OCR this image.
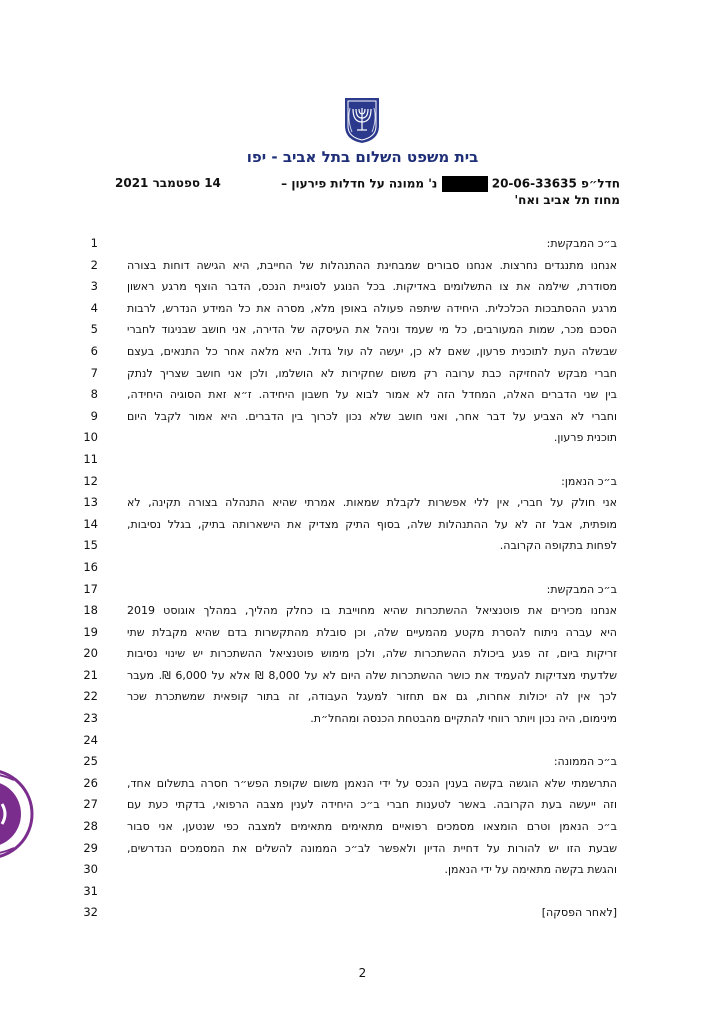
בית משפט השלום בתל אביב - יפו
חדל״פ 20-06-33635  נ' ממונה על חדלות פירעון –
מחוז תל אביב ואח'
14 ספטמבר 2021
1	ב״כ המבקשת:
2	אנחנו מתנגדים נחרצות. אנחנו סבורים שמבחינת ההתנהלות של החייבת, היא הגישה דוחות בצורה
3	מסודרת, שילמה את צו התשלומים באדיקות. בכל הנוגע לסוגיית הנכס, הדבר הוצף מרגע ראשון
4	מרגע ההסתבכות הכלכלית. היחידה שיתפה פעולה באופן מלא, מסרה את כל המידע הנדרש, לרבות
5	הסכם מכר, שמות המעורבים, כל מי שעמד וניהל את העיסקה של הדירה, אני חושב שבניגוד לחברי
6	שבשלה העת לתוכנית פרעון, שאם לא כן, יעשה לה עול גדול. היא מלאה אחר כל התנאים, בעצם
7	חברי מבקש להחזיקה כבת ערובה רק משום שחקירות לא הושלמו, ולכן אני חושב שצריך לנתק
8	בין שני הדברים האלה, המחדל הזה לא אמור לבוא על חשבון היחידה. ז״א זאת הסוגיה היחידה,
9	וחברי לא הצביע על דבר אחר, ואני חושב שלא נכון לכרוך בין הדברים. היא אמור לקבל היום
10	תוכנית פרעון.
11
12	ב״כ הנאמן:
13	אני חולק על חברי, אין ללי אפשרות לקבלת שמאות. אמרתי שהיא התנהלה בצורה תקינה, לא
14	מופתית, אבל זה לא על ההתנהלות שלה, בסוף התיק מצדיק את הישארותה בתיק, בגלל נסיבות,
15	לפחות בתקופה הקרובה.
16
17	ב״כ המבקשת:
18	אנחנו מכירים את פוטנציאל ההשתכרות שהיא מחוייבת בו כחלק מהליך, במהלך אוגוסט 2019
19	היא עברה ניתוח להסרת מקטע מהמעיים שלה, וכן סובלת מהתקשרות בדם שהיא מקבלת שתי
20	זריקות ביום, זה פגע ביכולת ההשתכרות שלה, ולכן מימוש פוטנציאל ההשתכרות יש שינוי נסיבות
21	שלדעתי מצדיקות להעמיד את כושר ההשתכרות שלה היום לא על 8,000 ₪ אלא על 6,000 ₪. מעבר
22	לכך אין לה יכולות אחרות, גם אם תחזור למעגל העבודה, זה בתור קופאית שמשתכרת שכר
23	מינימום, היה נכון ויותר רווחי להתקיים מהבטחת הכנסה ומהחל״ת.
24
25	ב״כ הממונה:
26	התרשמתי שלא הוגשה בקשה בענין הנכס על ידי הנאמן משום שקופת הפש״ר חסרה בתשלום אחד,
27	וזה ייעשה בעת הקרובה. באשר לטענות חברי ב״כ היחידה לענין מצבה הרפואי, בדקתי כעת עם
28	ב״כ הנאמן וטרם הומצאו מסמכים רפואיים מתאימים מתאימים למצבה כפי שנטען, אני סבור
29	שבעת הזו יש להורות על דחיית הדיון ולאפשר לב״כ הממונה להשלים את המסמכים הנדרשים,
30	והגשת בקשה מתאימה על ידי הנאמן.
31
32	[לאחר הפסקה]
2
